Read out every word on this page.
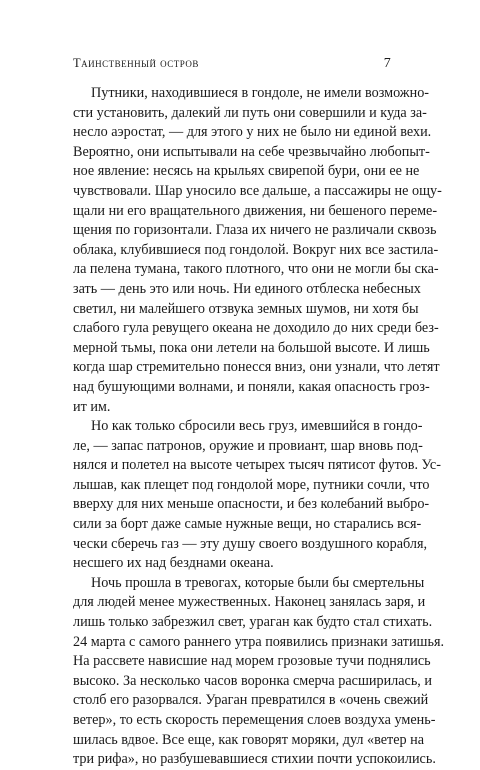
Таинственный остров	7
Путники, находившиеся в гондоле, не имели возможно-
сти установить, далекий ли путь они совершили и куда за-
несло аэростат, — для этого у них не было ни единой вехи.
Вероятно, они испытывали на себе чрезвычайно любопыт-
ное явление: несясь на крыльях свирепой бури, они ее не
чувствовали. Шар уносило все дальше, а пассажиры не ощу-
щали ни его вращательного движения, ни бешеного переме-
щения по горизонтали. Глаза их ничего не различали сквозь
облака, клубившиеся под гондолой. Вокруг них все застила-
ла пелена тумана, такого плотного, что они не могли бы ска-
зать — день это или ночь. Ни единого отблеска небесных
светил, ни малейшего отзвука земных шумов, ни хотя бы
слабого гула ревущего океана не доходило до них среди без-
мерной тьмы, пока они летели на большой высоте. И лишь
когда шар стремительно понесся вниз, они узнали, что летят
над бушующими волнами, и поняли, какая опасность гроз-
ит им.
Но как только сбросили весь груз, имевшийся в гондо-
ле, — запас патронов, оружие и провиант, шар вновь под-
нялся и полетел на высоте четырех тысяч пятисот футов. Ус-
лышав, как плещет под гондолой море, путники сочли, что
вверху для них меньше опасности, и без колебаний выбро-
сили за борт даже самые нужные вещи, но старались вся-
чески сберечь газ — эту душу своего воздушного корабля,
несшего их над безднами океана.
Ночь прошла в тревогах, которые были бы смертельны
для людей менее мужественных. Наконец занялась заря, и
лишь только забрезжил свет, ураган как будто стал стихать.
24 марта с самого раннего утра появились признаки затишья.
На рассвете нависшие над морем грозовые тучи поднялись
высоко. За несколько часов воронка смерча расширилась, и
столб его разорвался. Ураган превратился в «очень свежий
ветер», то есть скорость перемещения слоев воздуха умень-
шилась вдвое. Все еще, как говорят моряки, дул «ветер на
три рифа», но разбушевавшиеся стихии почти успокоились.
